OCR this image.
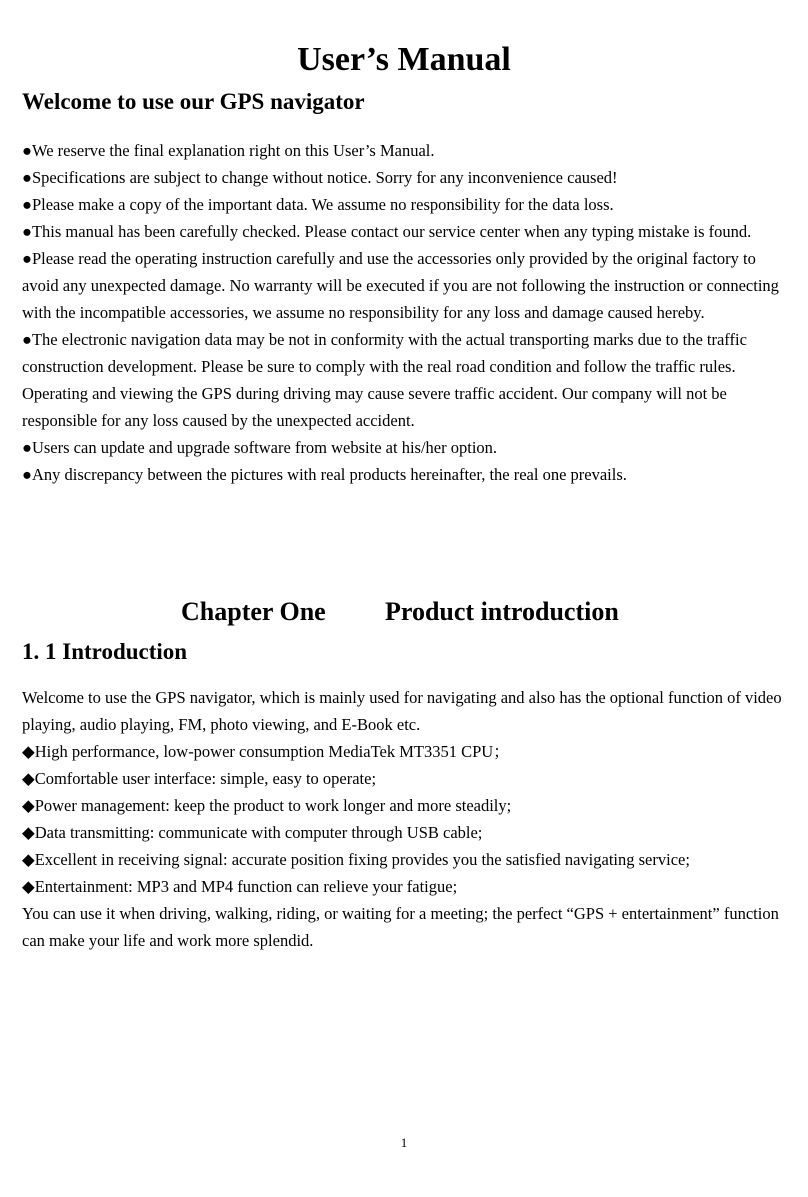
User’s Manual
Welcome to use our GPS navigator
●We reserve the final explanation right on this User’s Manual.
●Specifications are subject to change without notice. Sorry for any inconvenience caused!
●Please make a copy of the important data. We assume no responsibility for the data loss.
●This manual has been carefully checked. Please contact our service center when any typing mistake is found.
●Please read the operating instruction carefully and use the accessories only provided by the original factory to avoid any unexpected damage. No warranty will be executed if you are not following the instruction or connecting with the incompatible accessories, we assume no responsibility for any loss and damage caused hereby.
●The electronic navigation data may be not in conformity with the actual transporting marks due to the traffic construction development. Please be sure to comply with the real road condition and follow the traffic rules. Operating and viewing the GPS during driving may cause severe traffic accident. Our company will not be responsible for any loss caused by the unexpected accident.
●Users can update and upgrade software from website at his/her option.
●Any discrepancy between the pictures with real products hereinafter, the real one prevails.
Chapter One Product introduction
1. 1 Introduction

Welcome to use the GPS navigator, which is mainly used for navigating and also has the optional function of video playing, audio playing, FM, photo viewing, and E-Book etc.

◆High performance, low-power consumption MediaTek MT3351 CPU；
◆Comfortable user interface: simple, easy to operate;
◆Power management: keep the product to work longer and more steadily;
◆Data transmitting: communicate with computer through USB cable;
◆Excellent in receiving signal: accurate position fixing provides you the satisfied navigating service;
◆Entertainment: MP3 and MP4 function can relieve your fatigue;

You can use it when driving, walking, riding, or waiting for a meeting; the perfect “GPS + entertainment” function can make your life and work more splendid.

1
